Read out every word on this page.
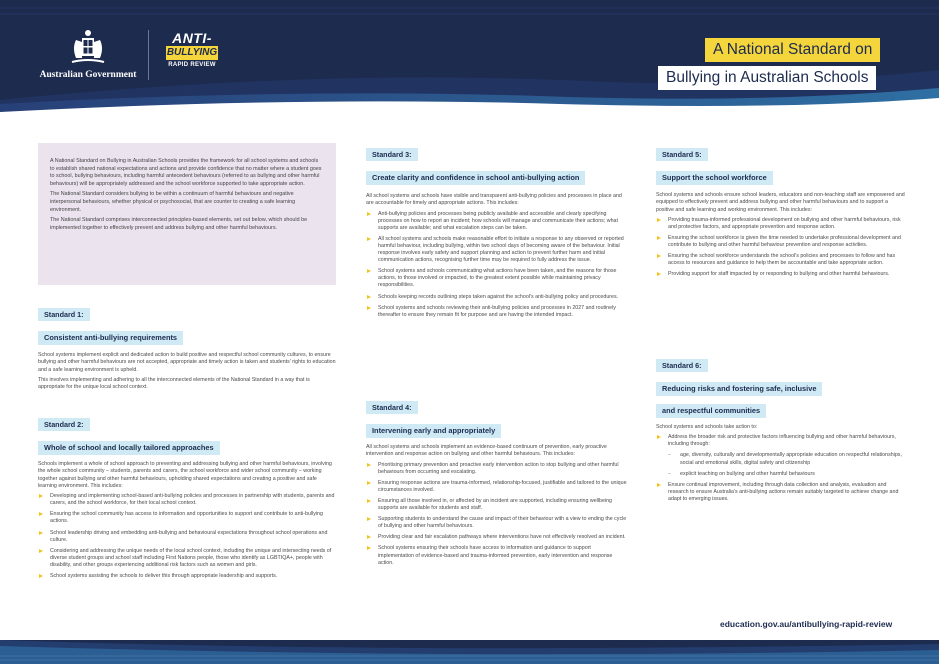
Australian Government
ANTI-
BULLYING
RAPID REVIEW
A National Standard on
Bullying in Australian Schools

A National Standard on Bullying in Australian Schools provides the framework for all school systems and schools to establish shared national expectations and actions and provide confidence that no matter where a student goes to school, bullying behaviours, including harmful antecedent behaviours (referred to as bullying and other harmful behaviours) will be appropriately addressed and the school workforce supported to take appropriate action.

The National Standard considers bullying to be within a continuum of harmful behaviours and negative interpersonal behaviours, whether physical or psychosocial, that are counter to creating a safe learning environment.

The National Standard comprises interconnected principles-based elements, set out below, which should be implemented together to effectively prevent and address bullying and other harmful behaviours.

Standard 1:
Consistent anti-bullying requirements

School systems implement explicit and dedicated action to build positive and respectful school community cultures, to ensure bullying and other harmful behaviours are not accepted, appropriate and timely action is taken and students' rights to education and a safe learning environment is upheld.

This involves implementing and adhering to all the interconnected elements of the National Standard in a way that is appropriate for the unique local school context.

Standard 2:
Whole of school and locally tailored approaches

Schools implement a whole of school approach to preventing and addressing bullying and other harmful behaviours, involving the whole school community – students, parents and carers, the school workforce and wider school community – working together against bullying and other harmful behaviours, upholding shared expectations and creating a positive and safe learning environment. This includes:

Developing and implementing school-based anti-bullying policies and processes in partnership with students, parents and carers, and the school workforce, for their local school context.
Ensuring the school community has access to information and opportunities to support and contribute to anti-bullying actions.
School leadership driving and embedding anti-bullying and behavioural expectations throughout school operations and culture.
Considering and addressing the unique needs of the local school context, including the unique and intersecting needs of diverse student groups and school staff including First Nations people, those who identify as LGBTIQA+, people with disability, and other groups experiencing additional risk factors such as women and girls.
School systems assisting the schools to deliver this through appropriate leadership and supports.
Standard 3:
Create clarity and confidence in school anti-bullying action

All school systems and schools have visible and transparent anti-bullying policies and processes in place and are accountable for timely and appropriate actions. This includes:

Anti-bullying policies and processes being publicly available and accessible and clearly specifying processes on how to report an incident; how schools will manage and communicate their actions; what supports are available; and what escalation steps can be taken.
All school systems and schools make reasonable effort to initiate a response to any observed or reported harmful behaviour, including bullying, within two school days of becoming aware of the behaviour. Initial response involves early safety and support planning and action to prevent further harm and initial communication actions, recognising further time may be required to fully address the issue.
School systems and schools communicating what actions have been taken, and the reasons for those actions, to those involved or impacted, to the greatest extent possible while maintaining privacy responsibilities.
Schools keeping records outlining steps taken against the school's anti-bullying policy and procedures.
School systems and schools reviewing their anti-bullying policies and processes in 2027 and routinely thereafter to ensure they remain fit for purpose and are having the intended impact.
Standard 4:
Intervening early and appropriately

All school systems and schools implement an evidence-based continuum of prevention, early proactive intervention and response action on bullying and other harmful behaviours. This includes:

Prioritising primary prevention and proactive early intervention action to stop bullying and other harmful behaviours from occurring and escalating.
Ensuring response actions are trauma-informed, relationship-focused, justifiable and tailored to the unique circumstances involved.
Ensuring all those involved in, or affected by an incident are supported, including ensuring wellbeing supports are available for students and staff.
Supporting students to understand the cause and impact of their behaviour with a view to ending the cycle of bullying and other harmful behaviours.
Providing clear and fair escalation pathways where interventions have not effectively resolved an incident.
School systems ensuring their schools have access to information and guidance to support implementation of evidence-based and trauma-informed prevention, early intervention and response action.
Standard 5:
Support the school workforce

School systems and schools ensure school leaders, educators and non-teaching staff are empowered and equipped to effectively prevent and address bullying and other harmful behaviours and to support a positive and safe learning and working environment. This includes:

Providing trauma-informed professional development on bullying and other harmful behaviours, risk and protective factors, and appropriate prevention and response action.
Ensuring the school workforce is given the time needed to undertake professional development and contribute to bullying and other harmful behaviour prevention and response activities.
Ensuring the school workforce understands the school's policies and processes to follow and has access to resources and guidance to help them be accountable and take appropriate action.
Providing support for staff impacted by or responding to bullying and other harmful behaviours.
Standard 6:
Reducing risks and fostering safe, inclusive
and respectful communities

School systems and schools take action to:

Address the broader risk and protective factors influencing bullying and other harmful behaviours, including through:
– age, diversity, culturally and developmentally appropriate education on respectful relationships, social and emotional skills, digital safety and citizenship
– explicit teaching on bullying and other harmful behaviours
Ensure continual improvement, including through data collection and analysis, evaluation and research to ensure Australia's anti-bullying actions remain suitably targeted to achieve change and adapt to emerging issues.
education.gov.au/antibullying-rapid-review
